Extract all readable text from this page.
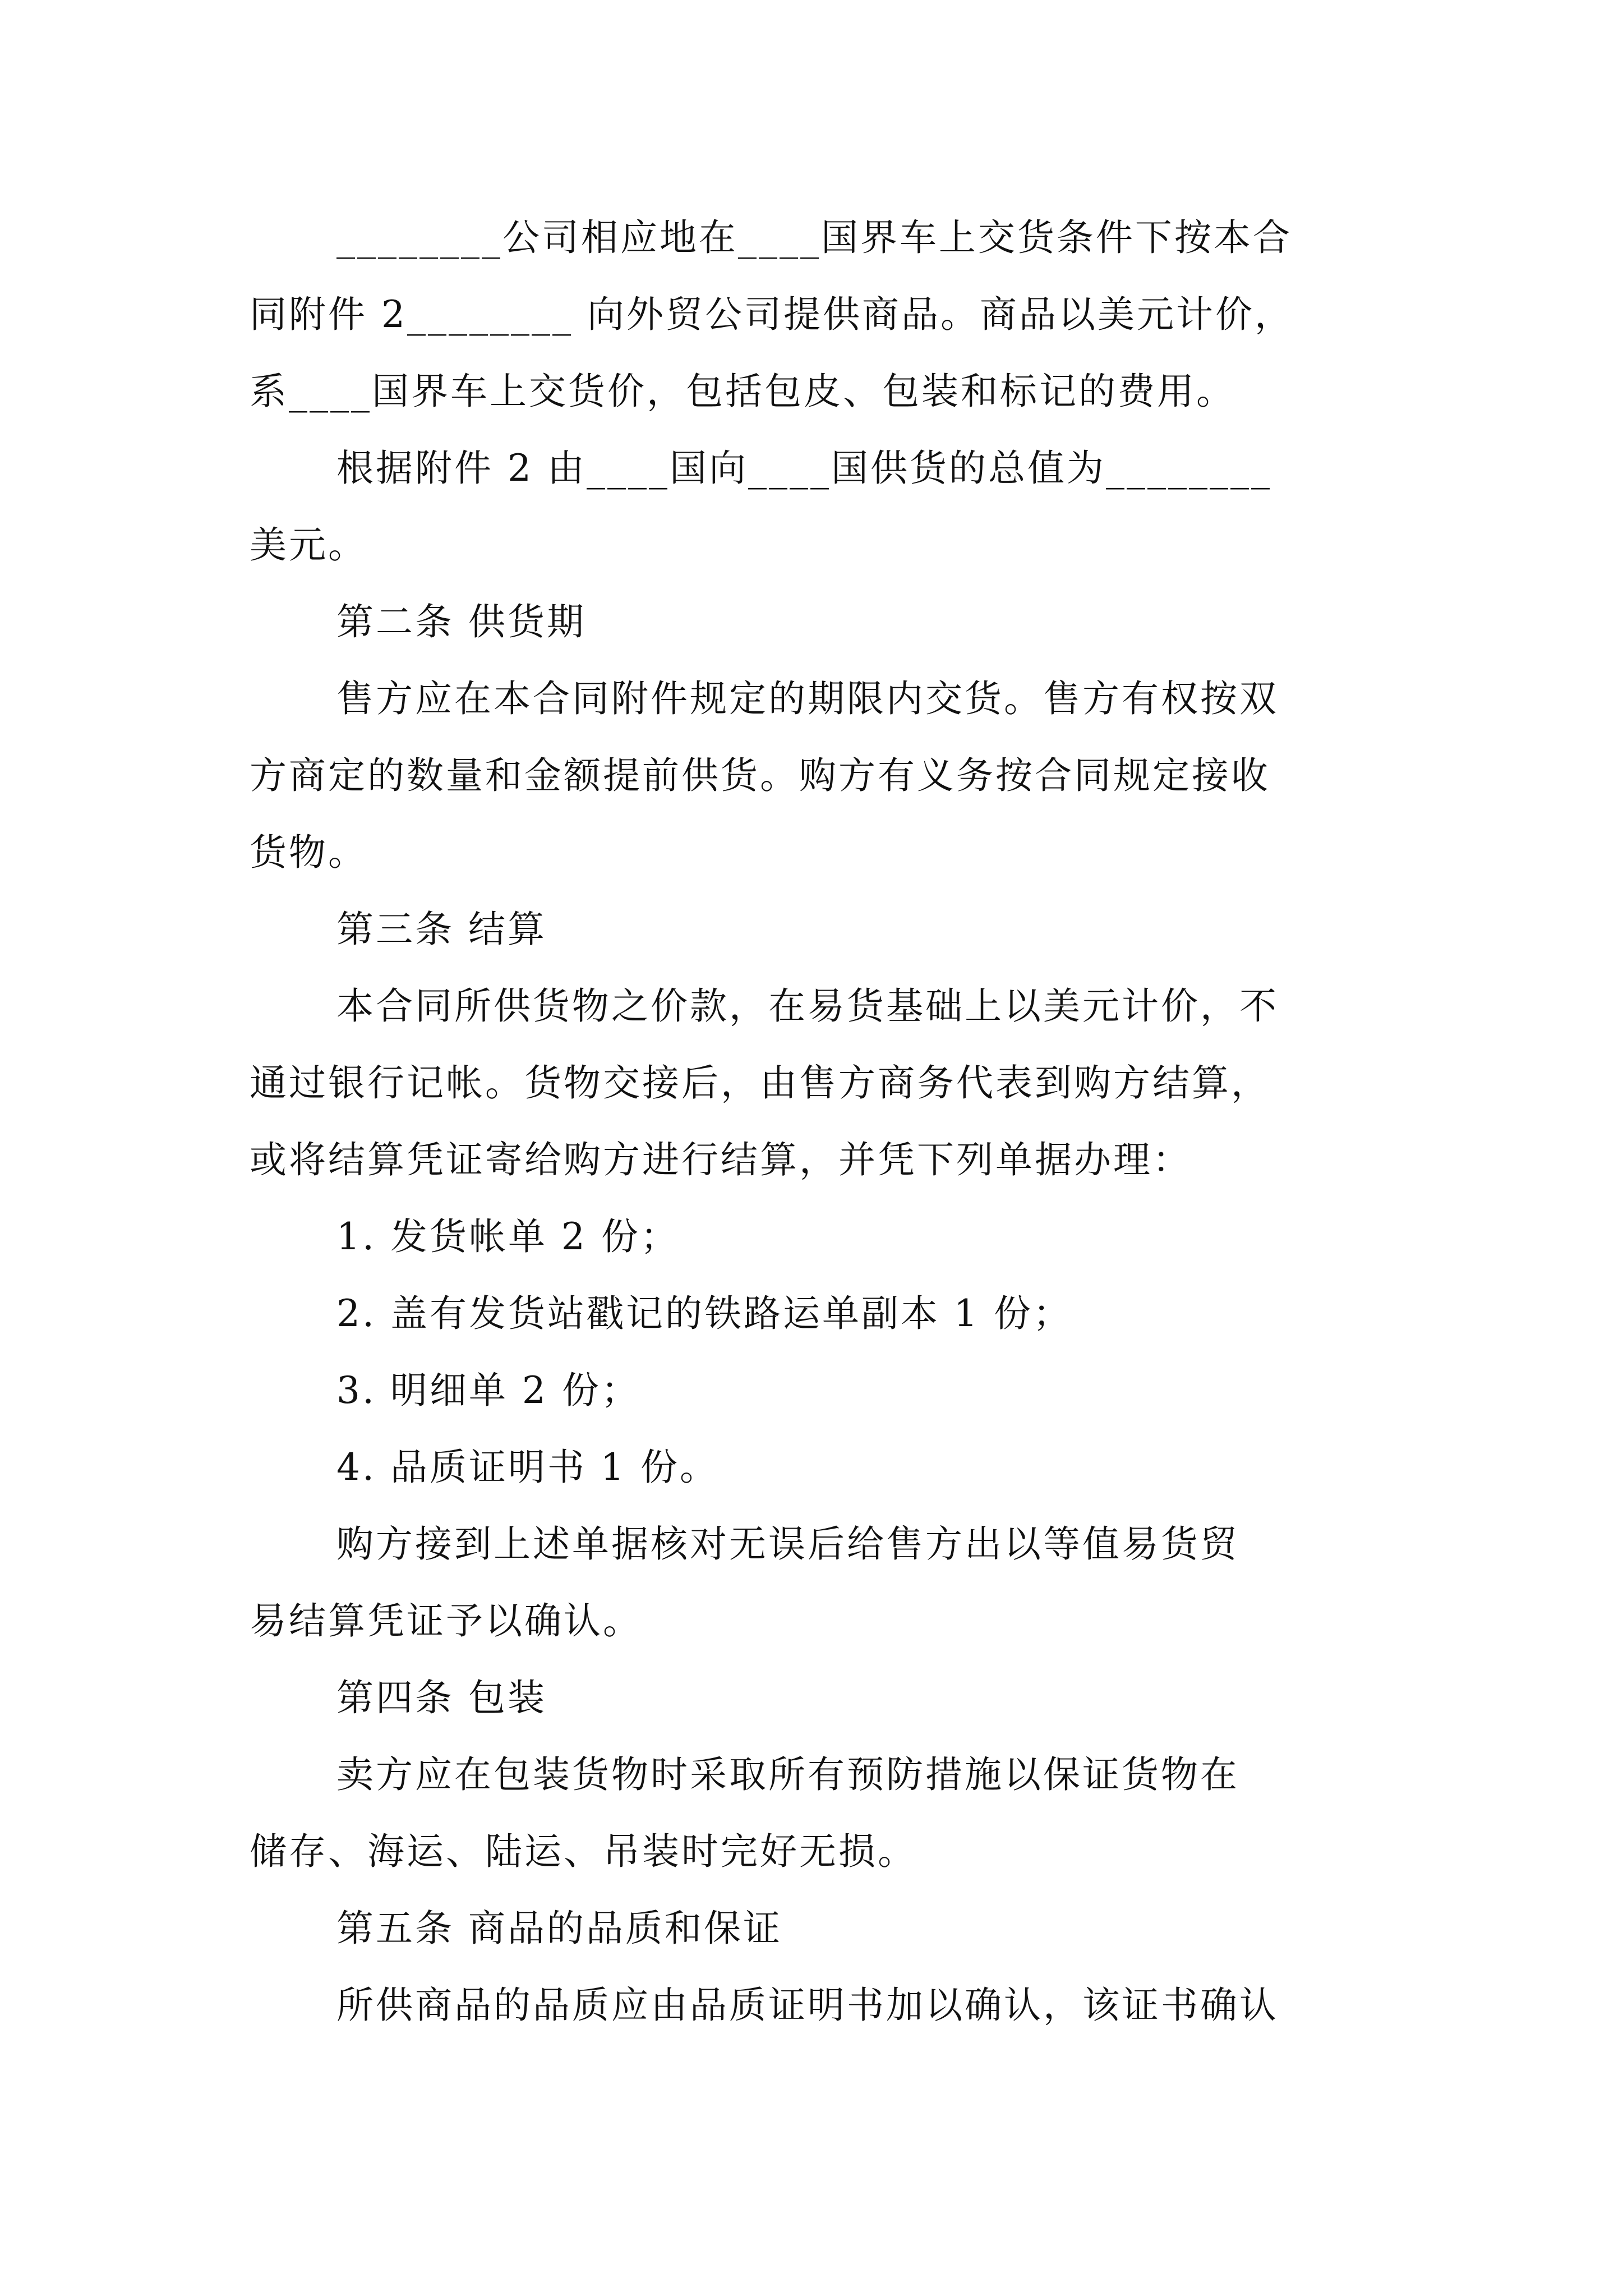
________公司相应地在____国界车上交货条件下按本合
同附件 2________ 向外贸公司提供商品。商品以美元计价，
系____国界车上交货价，包括包皮、包装和标记的费用。
根据附件 2 由____国向____国供货的总值为________
美元。
第二条 供货期
售方应在本合同附件规定的期限内交货。售方有权按双
方商定的数量和金额提前供货。购方有义务按合同规定接收
货物。
第三条 结算
本合同所供货物之价款，在易货基础上以美元计价，不
通过银行记帐。货物交接后，由售方商务代表到购方结算，
或将结算凭证寄给购方进行结算，并凭下列单据办理：
1. 发货帐单 2 份；
2. 盖有发货站戳记的铁路运单副本 1 份；
3. 明细单 2 份；
4. 品质证明书 1 份。
购方接到上述单据核对无误后给售方出以等值易货贸
易结算凭证予以确认。
第四条 包装
卖方应在包装货物时采取所有预防措施以保证货物在
储存、海运、陆运、吊装时完好无损。
第五条 商品的品质和保证
所供商品的品质应由品质证明书加以确认，该证书确认
